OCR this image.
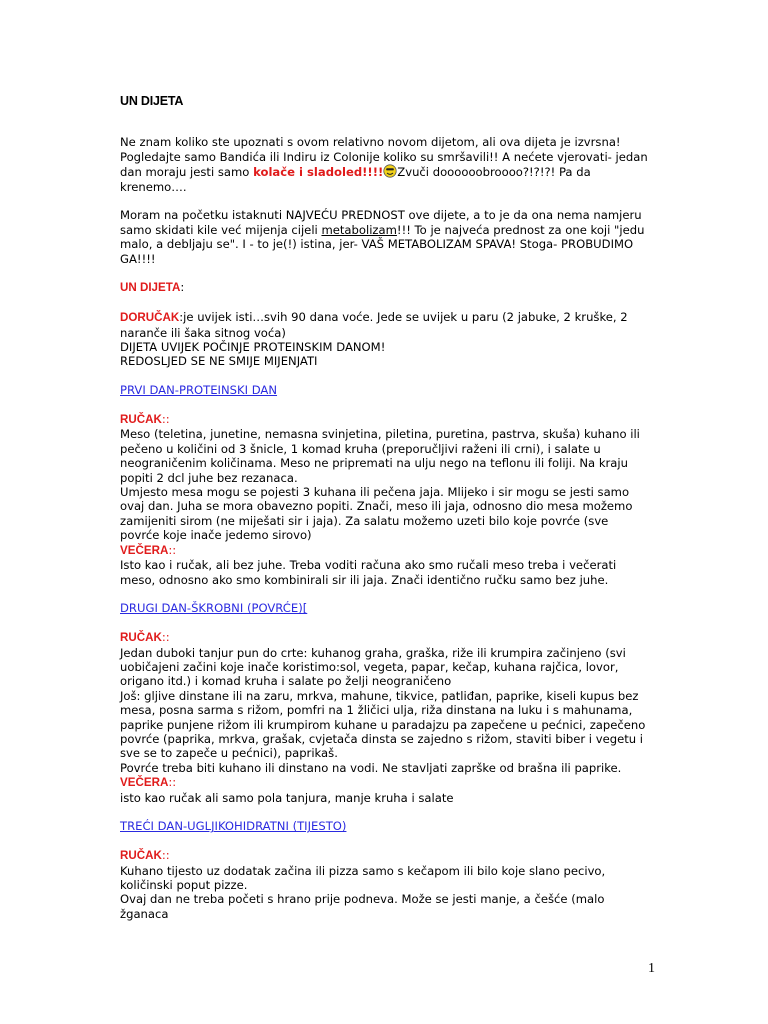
UN DIJETA

Ne znam koliko ste upoznati s ovom relativno novom dijetom, ali ova dijeta je izvrsna!
Pogledajte samo Bandića ili Indiru iz Colonije koliko su smršavili!! A nećete vjerovati- jedan
dan moraju jesti samo kolače i sladoled!!!! Zvuči doooooobroooo?!?!?! Pa da krenemo….

Moram na početku istaknuti NAJVEĆU PREDNOST ove dijete, a to je da ona nema namjeru samo skidati kile već mijenja cijeli metabolizam!!! To je najveća prednost za one koji "jedu malo, a debljaju se". I - to je(!) istina, jer- VAŠ METABOLIZAM SPAVA! Stoga- PROBUDIMO GA!!!!

UN DIJETA:

DORUČAK:je uvijek isti…svih 90 dana voće. Jede se uvijek u paru (2 jabuke, 2 kruške, 2 naranče ili šaka sitnog voća)
DIJETA UVIJEK POČINJE PROTEINSKIM DANOM!
REDOSLJED SE NE SMIJE MIJENJATI

PRVI DAN-PROTEINSKI DAN

RUČAK::
Meso (teletina, junetine, nemasna svinjetina, piletina, puretina, pastrva, skuša) kuhano ili pečeno u količini od 3 šnicle, 1 komad kruha (preporučljivi raženi ili crni), i salate u neograničenim količinama. Meso ne pripremati na ulju nego na teflonu ili foliji. Na kraju popiti 2 dcl juhe bez rezanaca.
Umjesto mesa mogu se pojesti 3 kuhana ili pečena jaja. Mlijeko i sir mogu se jesti samo ovaj dan. Juha se mora obavezno popiti. Znači, meso ili jaja, odnosno dio mesa možemo zamijeniti sirom (ne miješati sir i jaja). Za salatu možemo uzeti bilo koje povrće (sve povrće koje inače jedemo sirovo)
VEČERA::
Isto kao i ručak, ali bez juhe. Treba voditi računa ako smo ručali meso treba i večerati meso, odnosno ako smo kombinirali sir ili jaja. Znači identično ručku samo bez juhe.

DRUGI DAN-ŠKROBNI (POVRĆE)[

RUČAK::
Jedan duboki tanjur pun do crte: kuhanog graha, graška, riže ili krumpira začinjeno (svi uobičajeni začini koje inače koristimo:sol, vegeta, papar, kečap, kuhana rajčica, lovor, origano itd.) i komad kruha i salate po želji neograničeno
Još: gljive dinstane ili na zaru, mrkva, mahune, tikvice, patliđan, paprike, kiseli kupus bez mesa, posna sarma s rižom, pomfri na 1 žličici ulja, riža dinstana na luku i s mahunama, paprike punjene rižom ili krumpirom kuhane u paradajzu pa zapečene u pećnici, zapečeno povrće (paprika, mrkva, grašak, cvjetača dinsta se zajedno s rižom, staviti biber i vegetu i sve se to zapeče u pećnici), paprikaš.
Povrće treba biti kuhano ili dinstano na vodi. Ne stavljati zaprške od brašna ili paprike.
VEČERA::
isto kao ručak ali samo pola tanjura, manje kruha i salate

TREĆI DAN-UGLJIKOHIDRATNI (TIJESTO)

RUČAK::
Kuhano tijesto uz dodatak začina ili pizza samo s kečapom ili bilo koje slano pecivo, količinski poput pizze.
Ovaj dan ne treba početi s hrano prije podneva. Može se jesti manje, a češće (malo žganaca

1
